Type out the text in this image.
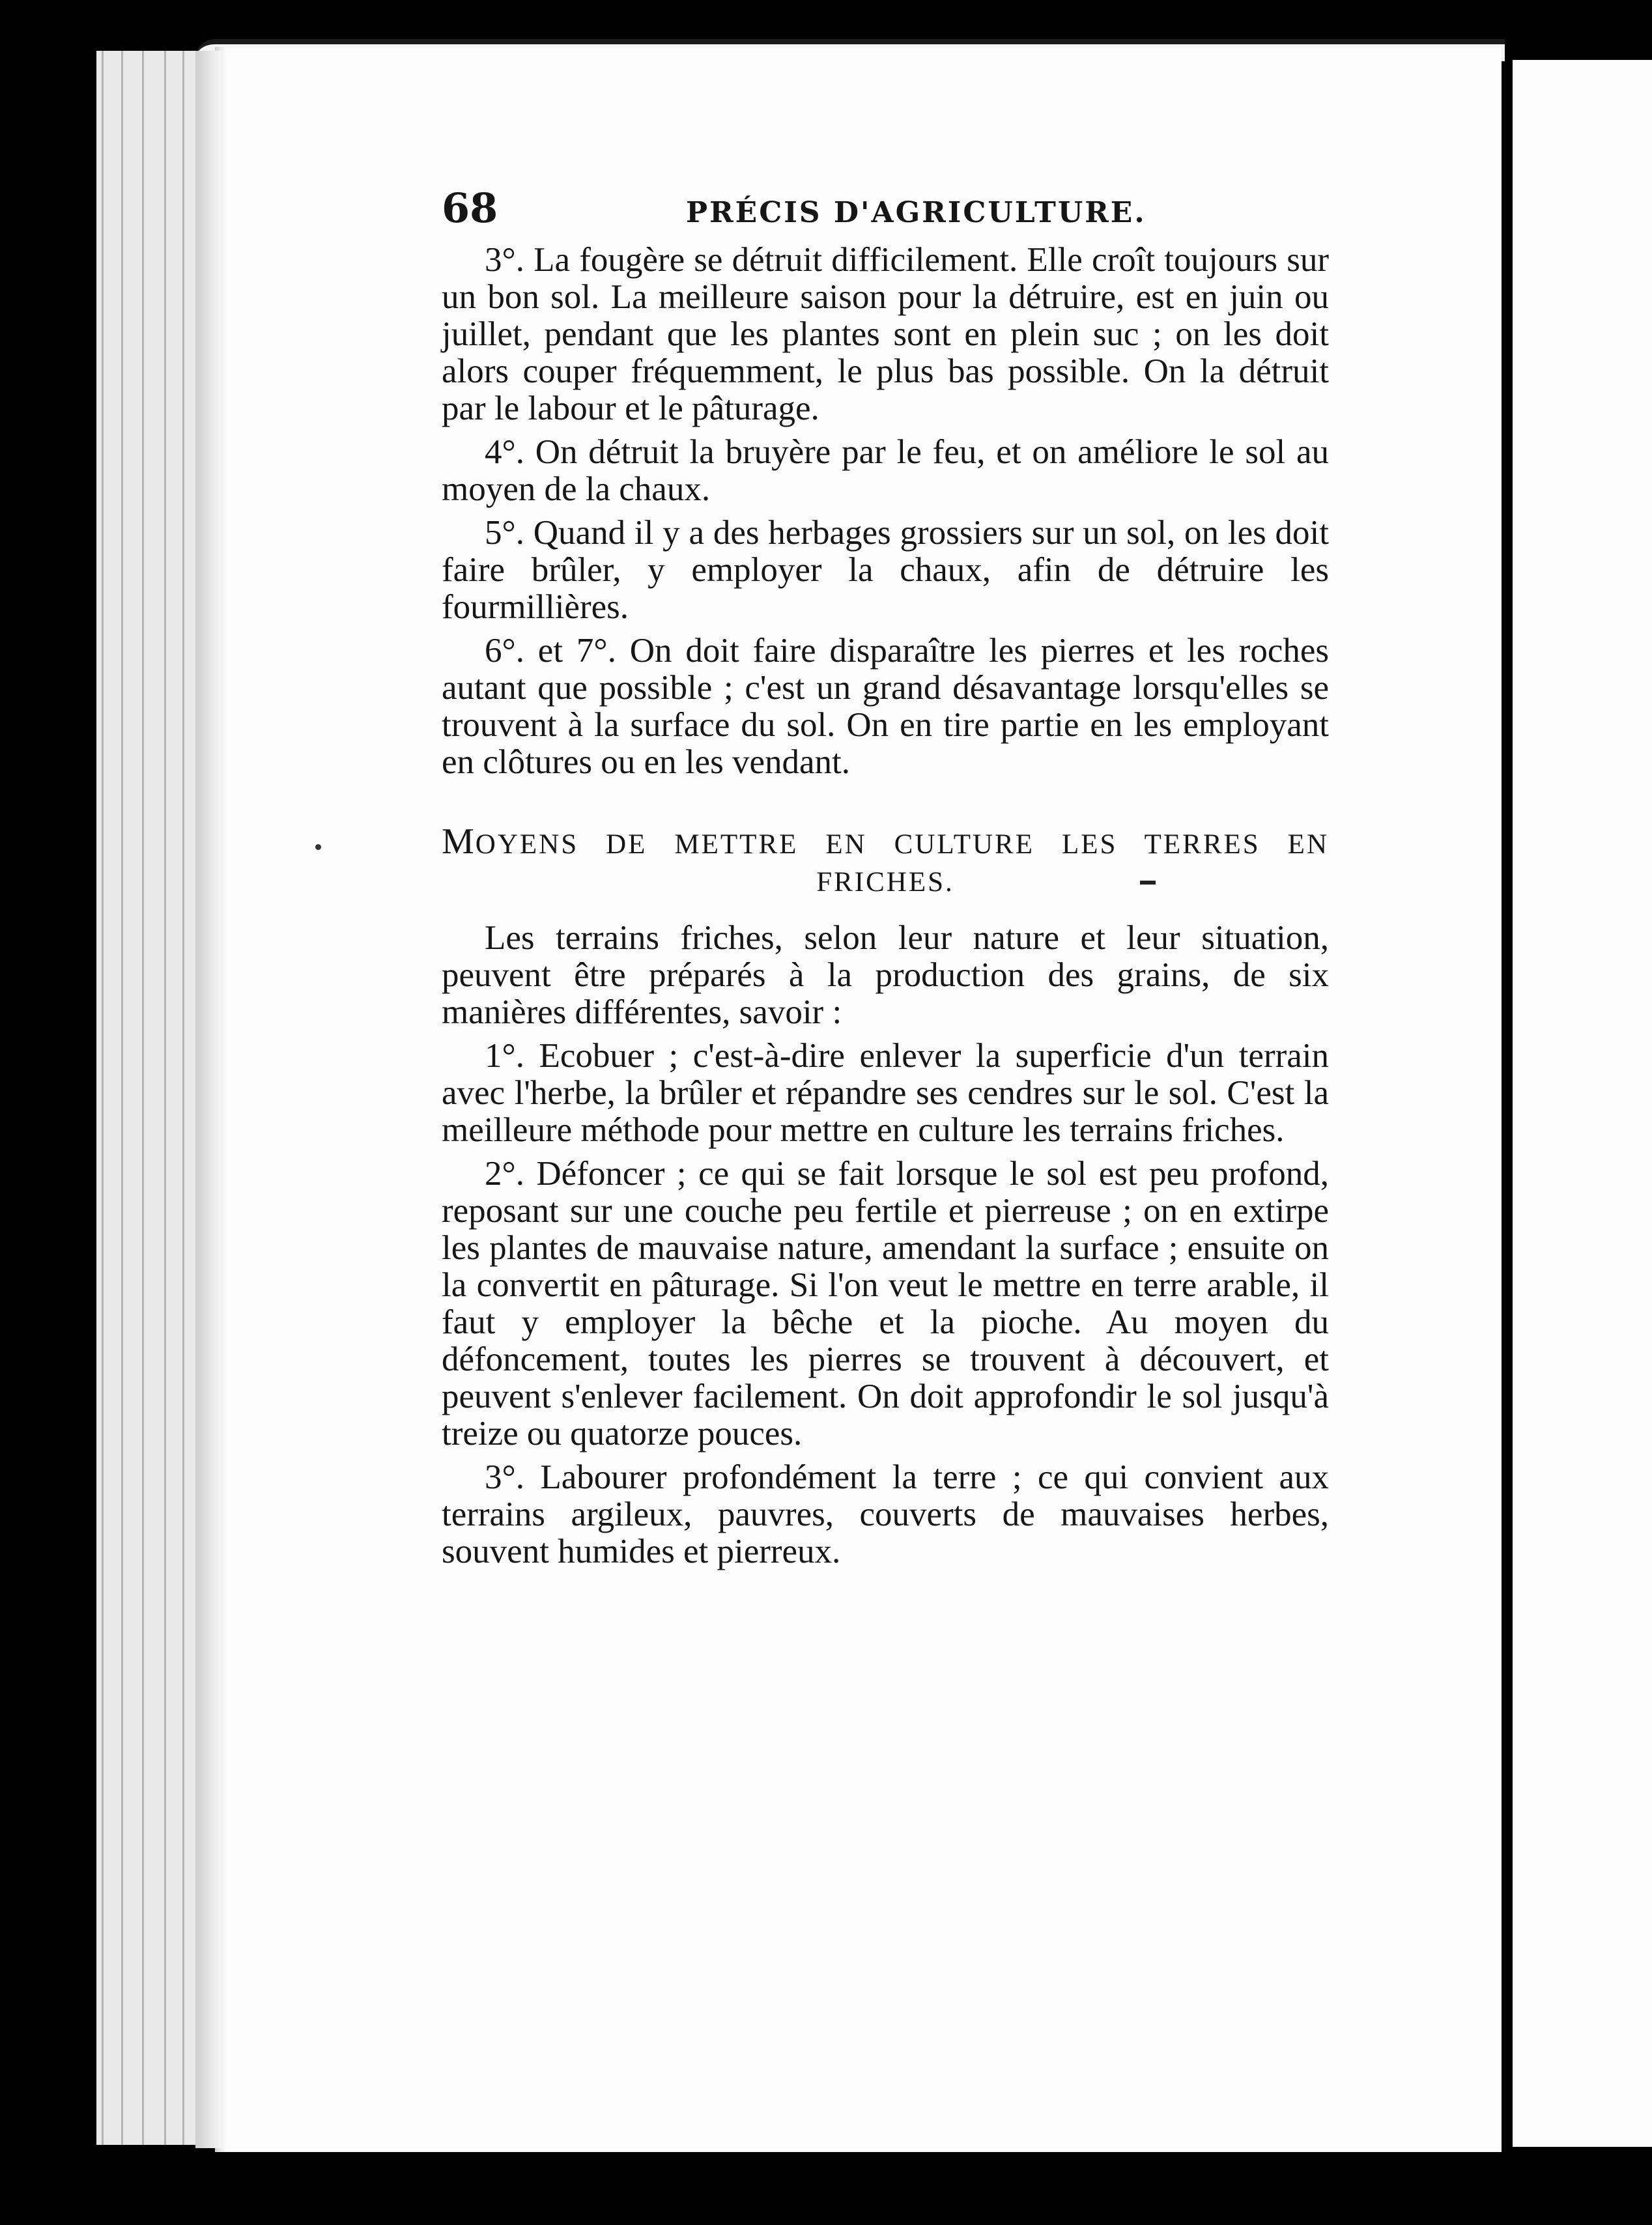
68	PRÉCIS D'AGRICULTURE.

3°. La fougère se détruit difficilement. Elle croît toujours sur un bon sol. La meilleure saison pour la détruire, est en juin ou juillet, pendant que les plantes sont en plein suc ; on les doit alors couper fréquemment, le plus bas possible. On la détruit par le labour et le pâturage.

4°. On détruit la bruyère par le feu, et on améliore le sol au moyen de la chaux.

5°. Quand il y a des herbages grossiers sur un sol, on les doit faire brûler, y employer la chaux, afin de détruire les fourmillières.

6°. et 7°. On doit faire disparaître les pierres et les roches autant que possible ; c'est un grand désavantage lorsqu'elles se trouvent à la surface du sol. On en tire partie en les employant en clôtures ou en les vendant.

MOYENS DE METTRE EN CULTURE LES TERRES EN FRICHES.

Les terrains friches, selon leur nature et leur situation, peuvent être préparés à la production des grains, de six manières différentes, savoir :

1°. Ecobuer ; c'est-à-dire enlever la superficie d'un terrain avec l'herbe, la brûler et répandre ses cendres sur le sol. C'est la meilleure méthode pour mettre en culture les terrains friches.

2°. Défoncer ; ce qui se fait lorsque le sol est peu profond, reposant sur une couche peu fertile et pierreuse ; on en extirpe les plantes de mauvaise nature, amendant la surface ; ensuite on la convertit en pâturage. Si l'on veut le mettre en terre arable, il faut y employer la bêche et la pioche. Au moyen du défoncement, toutes les pierres se trouvent à découvert, et peuvent s'enlever facilement. On doit approfondir le sol jusqu'à treize ou quatorze pouces.

3°. Labourer profondément la terre ; ce qui convient aux terrains argileux, pauvres, couverts de mauvaises herbes, souvent humides et pierreux.
